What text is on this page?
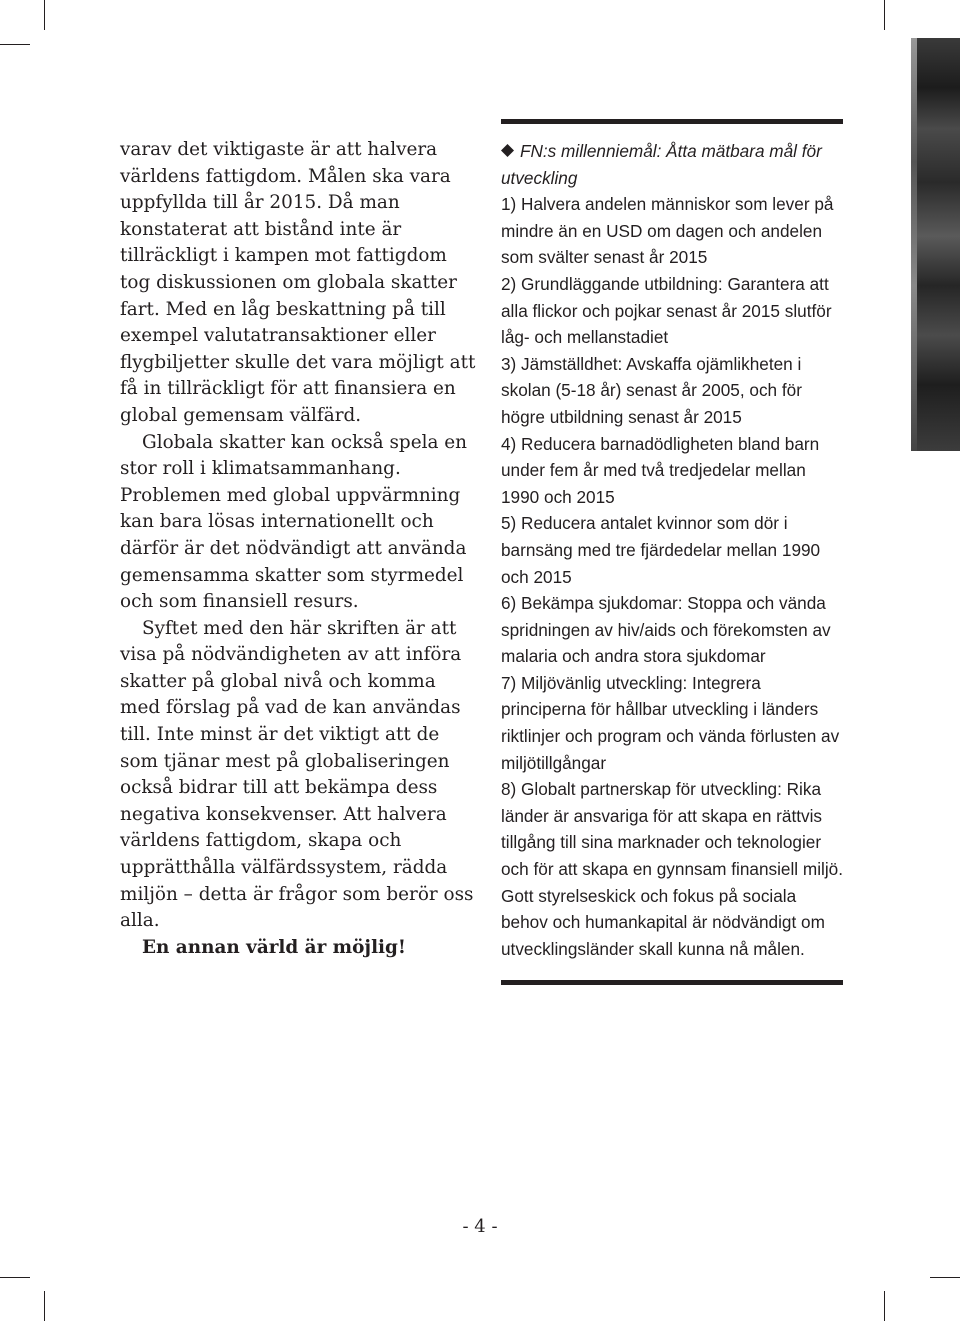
varav det viktigaste är att halvera världens fattigdom. Målen ska vara uppfyllda till år 2015. Då man konstaterat att bistånd inte är tillräckligt i kampen mot fattigdom tog diskussionen om globala skatter fart. Med en låg beskattning på till exempel valutatransaktioner eller flygbiljetter skulle det vara möjligt att få in tillräckligt för att finansiera en global gemensam välfärd.

Globala skatter kan också spela en stor roll i klimatsammanhang. Problemen med global uppvärmning kan bara lösas internationellt och därför är det nödvändigt att använda gemensamma skatter som styrmedel och som finansiell resurs.

Syftet med den här skriften är att visa på nödvändigheten av att införa skatter på global nivå och komma med förslag på vad de kan användas till. Inte minst är det viktigt att de som tjänar mest på globaliseringen också bidrar till att bekämpa dess negativa konsekvenser. Att halvera världens fattigdom, skapa och upprätthålla välfärdssystem, rädda miljön – detta är frågor som berör oss alla.

En annan värld är möjlig!

FN:s millenniemål: Åtta mätbara mål för utveckling

1) Halvera andelen människor som lever på mindre än en USD om dagen och andelen som svälter senast år 2015

2) Grundläggande utbildning: Garantera att alla flickor och pojkar senast år 2015 slutför låg- och mellanstadiet

3) Jämställdhet: Avskaffa ojämlikheten i skolan (5-18 år) senast år 2005, och för högre utbildning senast år 2015

4) Reducera barnadödligheten bland barn under fem år med två tredjedelar mellan 1990 och 2015

5) Reducera antalet kvinnor som dör i barnsäng med tre fjärdedelar mellan 1990 och 2015

6) Bekämpa sjukdomar: Stoppa och vända spridningen av hiv/aids och förekomsten av malaria och andra stora sjukdomar

7) Miljövänlig utveckling: Integrera principerna för hållbar utveckling i länders riktlinjer och program och vända förlusten av miljötillgångar

8) Globalt partnerskap för utveckling: Rika länder är ansvariga för att skapa en rättvis tillgång till sina marknader och teknologier och för att skapa en gynnsam finansiell miljö. Gott styrelseskick och fokus på sociala behov och humankapital är nödvändigt om utvecklingsländer skall kunna nå målen.

- 4 -
